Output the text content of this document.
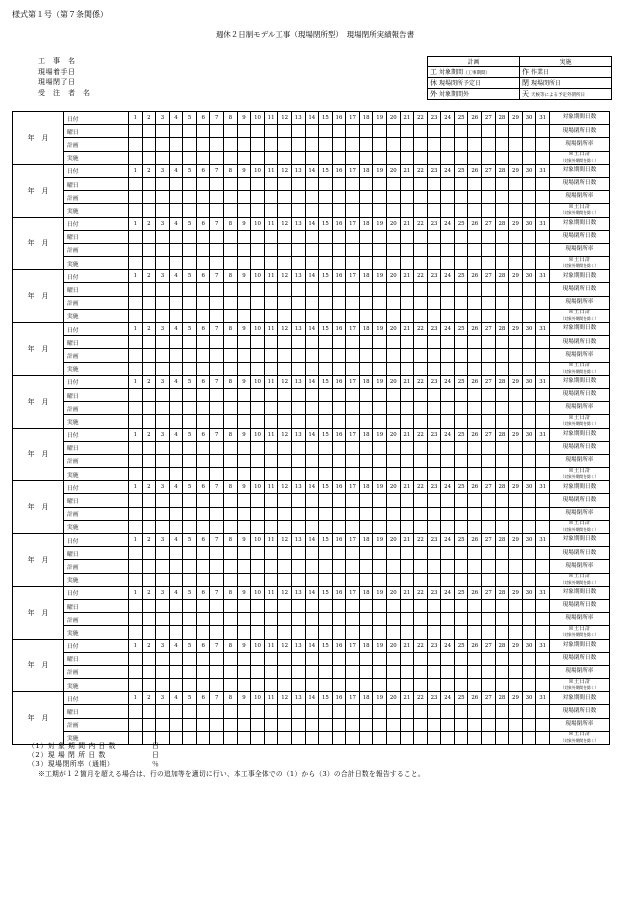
様式第１号（第７条関係）
週休２日制モデル工事（現場閉所型）　現場閉所実績報告書
工　事　名
現場着手日
現場閉了日
受　注　者　名
計画	実施
工 対象期間（工事期間）	作 作業日
休 現場閉所予定日	閉 現場閉所日
外 対象期間外	天 天候等による予定外閉所日
年　月	日付	1	2	3	4	5	6	7	8	9	10	11	12	13	14	15	16	17	18	19	20	21	22	23	24	25	26	27	28	29	30	31	対象期間日数
	曜日																																現場閉所日数
	計画																																現場閉所率
	実施																																※土日計
（対象外期間を除く）

年　月	日付	1	2	3	4	5	6	7	8	9	10	11	12	13	14	15	16	17	18	19	20	21	22	23	24	25	26	27	28	29	30	31	対象期間日数
	曜日																																現場閉所日数
	計画																																現場閉所率
	実施																																※土日計
（対象外期間を除く）

年　月	日付	1	2	3	4	5	6	7	8	9	10	11	12	13	14	15	16	17	18	19	20	21	22	23	24	25	26	27	28	29	30	31	対象期間日数
	曜日																																現場閉所日数
	計画																																現場閉所率
	実施																																※土日計
（対象外期間を除く）

年　月	日付	1	2	3	4	5	6	7	8	9	10	11	12	13	14	15	16	17	18	19	20	21	22	23	24	25	26	27	28	29	30	31	対象期間日数
	曜日																																現場閉所日数
	計画																																現場閉所率
	実施																																※土日計
（対象外期間を除く）

年　月	日付	1	2	3	4	5	6	7	8	9	10	11	12	13	14	15	16	17	18	19	20	21	22	23	24	25	26	27	28	29	30	31	対象期間日数
	曜日																																現場閉所日数
	計画																																現場閉所率
	実施																																※土日計
（対象外期間を除く）

年　月	日付	1	2	3	4	5	6	7	8	9	10	11	12	13	14	15	16	17	18	19	20	21	22	23	24	25	26	27	28	29	30	31	対象期間日数
	曜日																																現場閉所日数
	計画																																現場閉所率
	実施																																※土日計
（対象外期間を除く）

年　月	日付	1	2	3	4	5	6	7	8	9	10	11	12	13	14	15	16	17	18	19	20	21	22	23	24	25	26	27	28	29	30	31	対象期間日数
	曜日																																現場閉所日数
	計画																																現場閉所率
	実施																																※土日計
（対象外期間を除く）

年　月	日付	1	2	3	4	5	6	7	8	9	10	11	12	13	14	15	16	17	18	19	20	21	22	23	24	25	26	27	28	29	30	31	対象期間日数
	曜日																																現場閉所日数
	計画																																現場閉所率
	実施																																※土日計
（対象外期間を除く）

年　月	日付	1	2	3	4	5	6	7	8	9	10	11	12	13	14	15	16	17	18	19	20	21	22	23	24	25	26	27	28	29	30	31	対象期間日数
	曜日																																現場閉所日数
	計画																																現場閉所率
	実施																																※土日計
（対象外期間を除く）

年　月	日付	1	2	3	4	5	6	7	8	9	10	11	12	13	14	15	16	17	18	19	20	21	22	23	24	25	26	27	28	29	30	31	対象期間日数
	曜日																																現場閉所日数
	計画																																現場閉所率
	実施																																※土日計
（対象外期間を除く）

年　月	日付	1	2	3	4	5	6	7	8	9	10	11	12	13	14	15	16	17	18	19	20	21	22	23	24	25	26	27	28	29	30	31	対象期間日数
	曜日																																現場閉所日数
	計画																																現場閉所率
	実施																																※土日計
（対象外期間を除く）

年　月	日付	1	2	3	4	5	6	7	8	9	10	11	12	13	14	15	16	17	18	19	20	21	22	23	24	25	26	27	28	29	30	31	対象期間日数
	曜日																																現場閉所日数
	計画																																現場閉所率
	実施																																※土日計
（対象外期間を除く）
（1）対 象 期 間 内 日 数	日
（2）現 場 閉 所 日 数	日
（3）現場閉所率（通期）	％
※工期が１２箇月を超える場合は、行の追加等を適切に行い、本工事全体での（1）から（3）の合計日数を報告すること。
